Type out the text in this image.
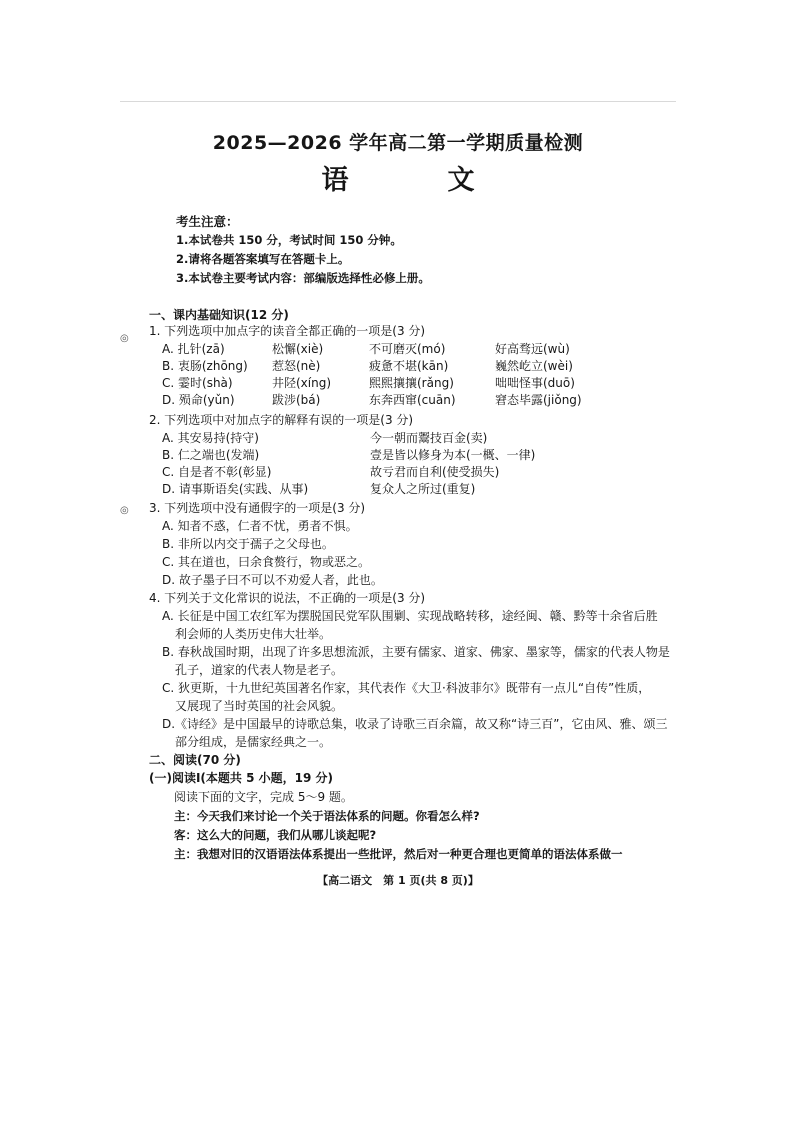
2025—2026 学年高二第一学期质量检测
语　文
考生注意：
1.本试卷共 150 分，考试时间 150 分钟。
2.请将各题答案填写在答题卡上。
3.本试卷主要考试内容：部编版选择性必修上册。
◎
◎
一、课内基础知识(12 分)
1. 下列选项中加点字的读音全都正确的一项是(3 分)
A. 扎针(zā)	松懈(xiè)	不可磨灭(mó)	好高骛远(wù)
B. 衷肠(zhōng)	惹怒(nè)	疲惫不堪(kān)	巍然屹立(wèi)
C. 霎时(shà)	井陉(xíng)	熙熙攘攘(rǎng)	咄咄怪事(duō)
D. 殒命(yǔn)	跋涉(bá)	东奔西窜(cuān)	窘态毕露(jiǒng)
2. 下列选项中对加点字的解释有误的一项是(3 分)
A. 其安易持(持守)	今一朝而鬻技百金(卖)
B. 仁之端也(发端)	壹是皆以修身为本(一概、一律)
C. 自是者不彰(彰显)	故亏君而自利(使受损失)
D. 请事斯语矣(实践、从事)	复众人之所过(重复)
3. 下列选项中没有通假字的一项是(3 分)
A. 知者不惑，仁者不忧，勇者不惧。
B. 非所以内交于孺子之父母也。
C. 其在道也，曰余食赘行，物或恶之。
D. 故子墨子曰不可以不劝爱人者，此也。
4. 下列关于文化常识的说法，不正确的一项是(3 分)
A. 长征是中国工农红军为摆脱国民党军队围剿、实现战略转移，途经闽、赣、黔等十余省后胜
利会师的人类历史伟大壮举。
B. 春秋战国时期，出现了许多思想流派，主要有儒家、道家、佛家、墨家等，儒家的代表人物是
孔子，道家的代表人物是老子。
C. 狄更斯，十九世纪英国著名作家，其代表作《大卫·科波菲尔》既带有一点儿“自传”性质，
又展现了当时英国的社会风貌。
D.《诗经》是中国最早的诗歌总集，收录了诗歌三百余篇，故又称“诗三百”，它由风、雅、颂三
部分组成，是儒家经典之一。
二、阅读(70 分)
(一)阅读Ⅰ(本题共 5 小题，19 分)
阅读下面的文字，完成 5～9 题。
主：今天我们来讨论一个关于语法体系的问题。你看怎么样?
客：这么大的问题，我们从哪儿谈起呢?
主：我想对旧的汉语语法体系提出一些批评，然后对一种更合理也更简单的语法体系做一
【高二语文　第 1 页(共 8 页)】
